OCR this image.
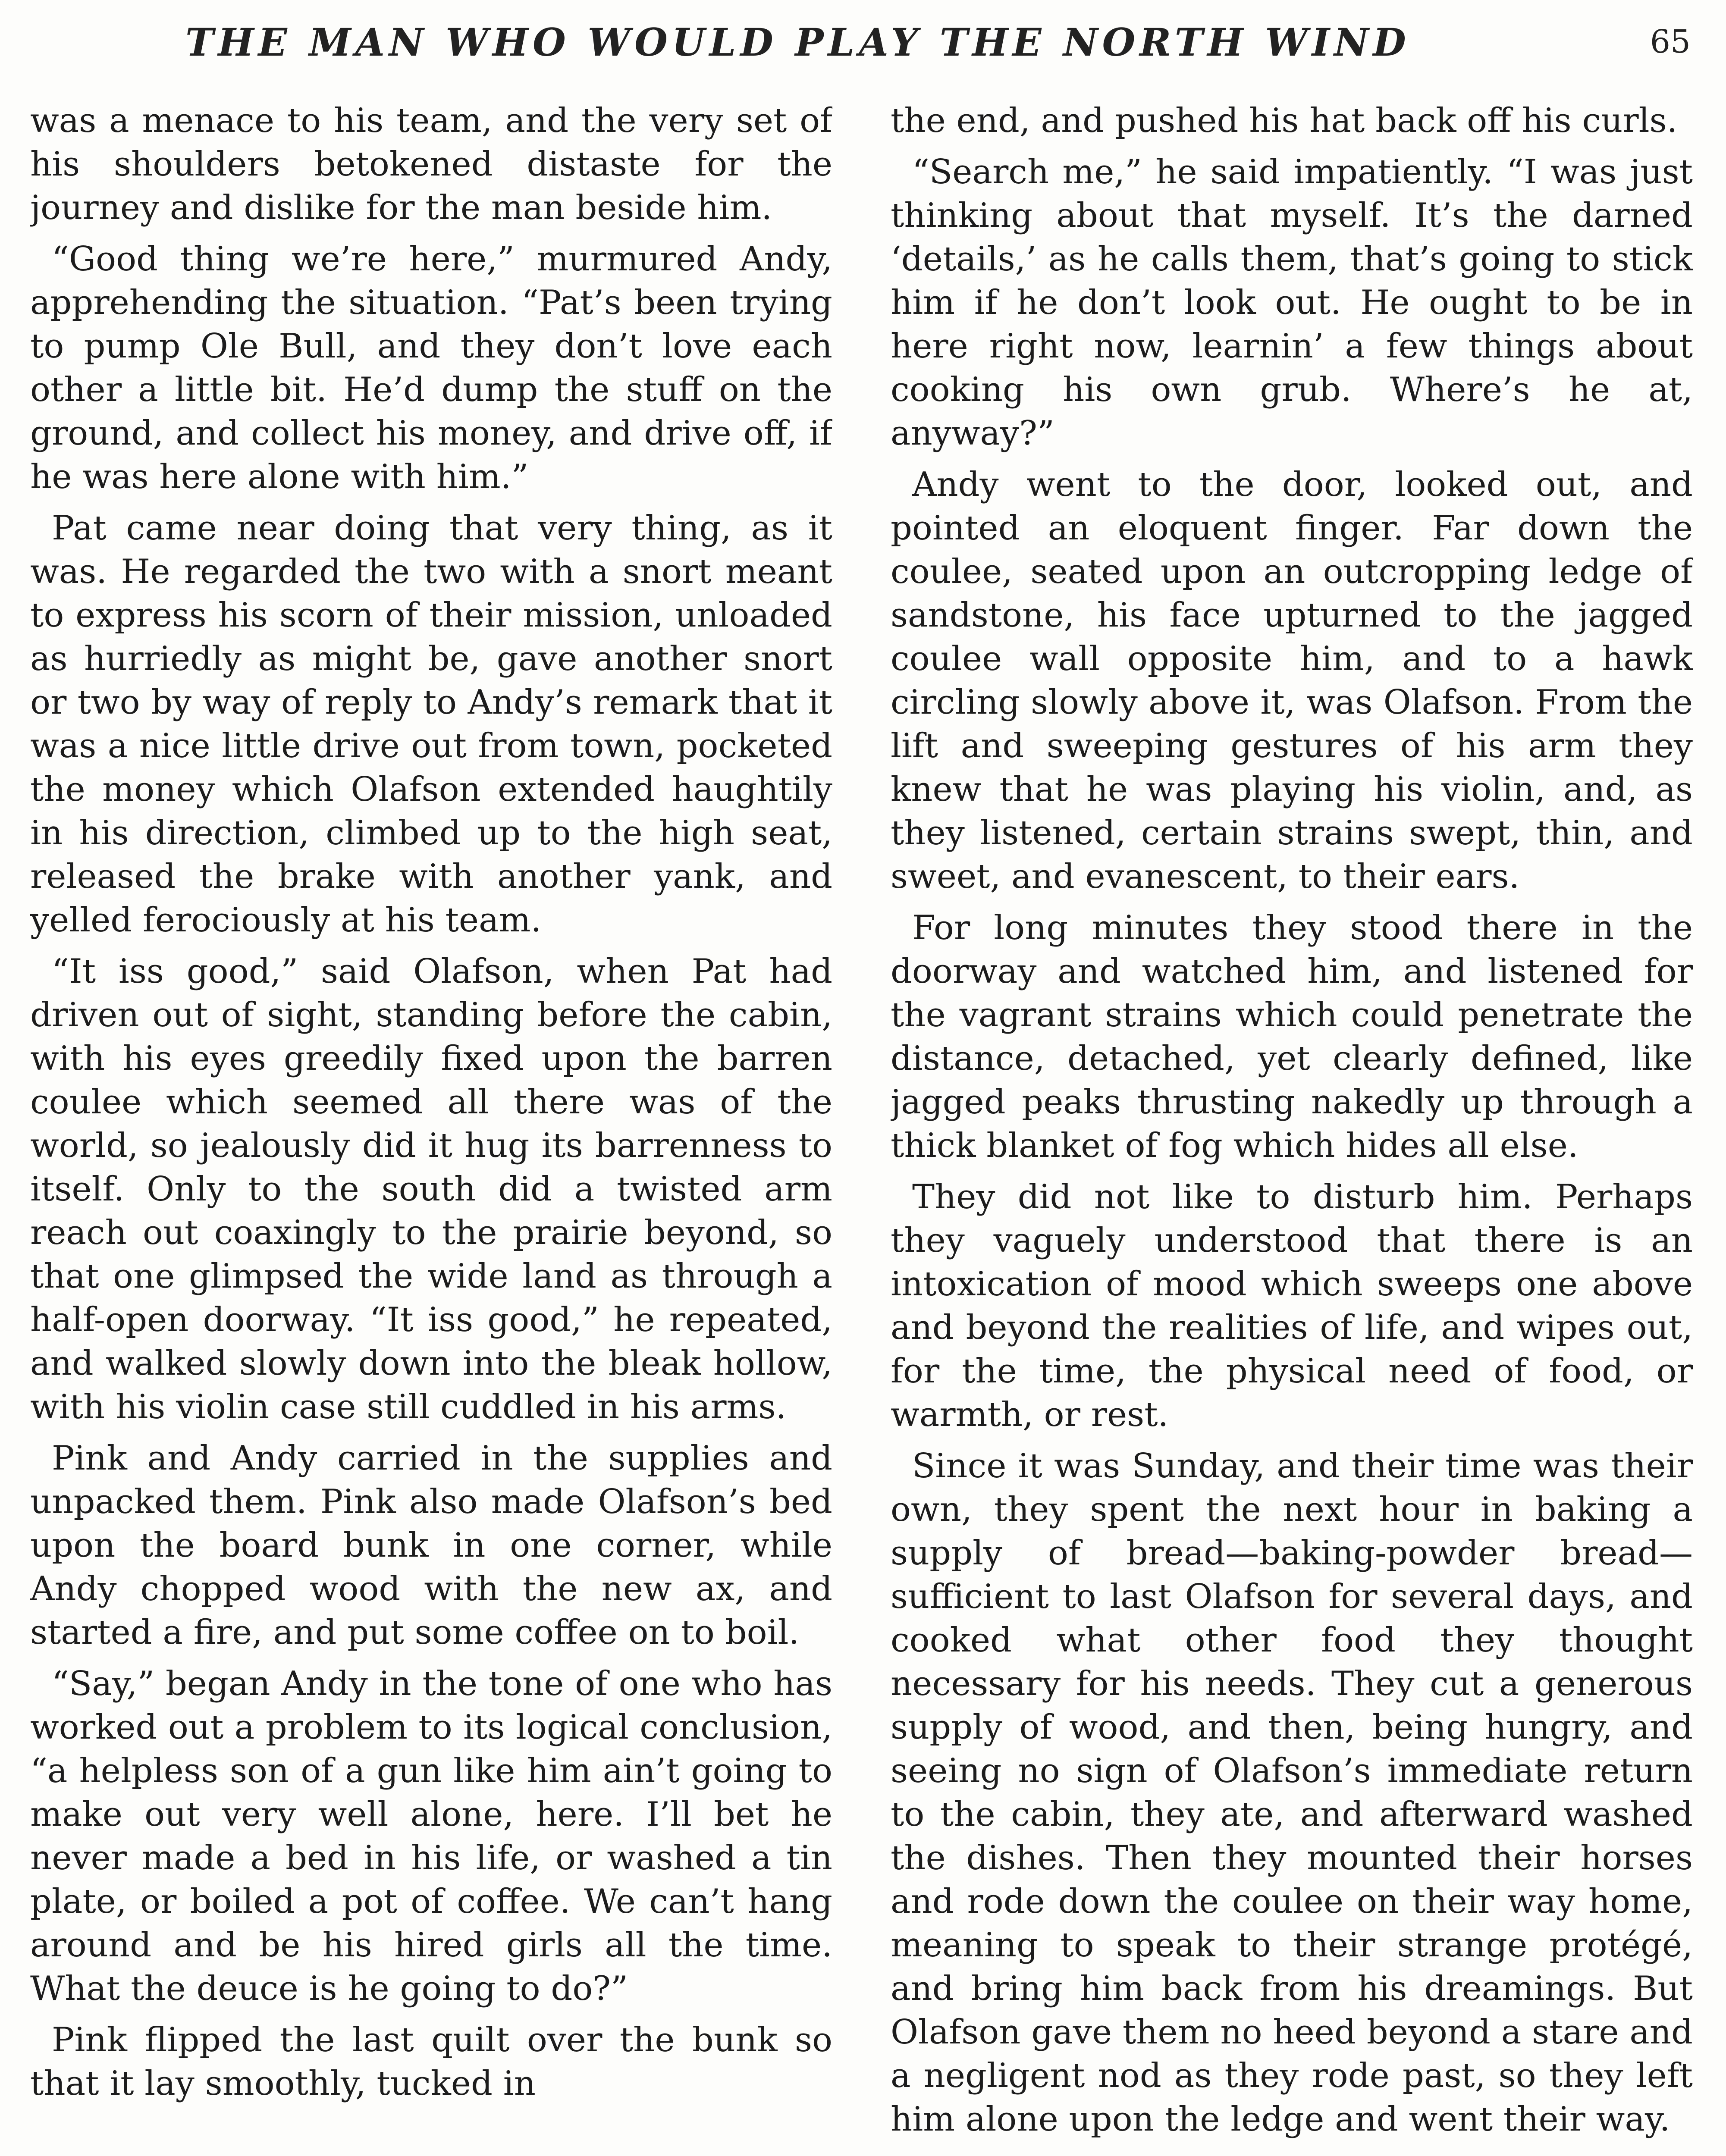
THE MAN WHO WOULD PLAY THE NORTH WIND	65

was a menace to his team, and the very set of his shoulders betokened distaste for the journey and dislike for the man beside him.

“Good thing we’re here,” murmured Andy, apprehending the situation. “Pat’s been trying to pump Ole Bull, and they don’t love each other a little bit. He’d dump the stuff on the ground, and collect his money, and drive off, if he was here alone with him.”

Pat came near doing that very thing, as it was. He regarded the two with a snort meant to express his scorn of their mission, unloaded as hurriedly as might be, gave another snort or two by way of reply to Andy’s remark that it was a nice little drive out from town, pocketed the money which Olafson extended haughtily in his direction, climbed up to the high seat, released the brake with another yank, and yelled ferociously at his team.

“It iss good,” said Olafson, when Pat had driven out of sight, standing before the cabin, with his eyes greedily fixed upon the barren coulee which seemed all there was of the world, so jealously did it hug its barrenness to itself. Only to the south did a twisted arm reach out coaxingly to the prairie beyond, so that one glimpsed the wide land as through a half-open doorway. “It iss good,” he repeated, and walked slowly down into the bleak hollow, with his violin case still cuddled in his arms.

Pink and Andy carried in the supplies and unpacked them. Pink also made Olafson’s bed upon the board bunk in one corner, while Andy chopped wood with the new ax, and started a fire, and put some coffee on to boil.

“Say,” began Andy in the tone of one who has worked out a problem to its logical conclusion, “a helpless son of a gun like him ain’t going to make out very well alone, here. I’ll bet he never made a bed in his life, or washed a tin plate, or boiled a pot of coffee. We can’t hang around and be his hired girls all the time. What the deuce is he going to do?”

Pink flipped the last quilt over the bunk so that it lay smoothly, tucked in

the end, and pushed his hat back off his curls.

“Search me,” he said impatiently. “I was just thinking about that myself. It’s the darned ‘details,’ as he calls them, that’s going to stick him if he don’t look out. He ought to be in here right now, learnin’ a few things about cooking his own grub. Where’s he at, anyway?”

Andy went to the door, looked out, and pointed an eloquent finger. Far down the coulee, seated upon an outcropping ledge of sandstone, his face upturned to the jagged coulee wall opposite him, and to a hawk circling slowly above it, was Olafson. From the lift and sweeping gestures of his arm they knew that he was playing his violin, and, as they listened, certain strains swept, thin, and sweet, and evanescent, to their ears.

For long minutes they stood there in the doorway and watched him, and listened for the vagrant strains which could penetrate the distance, detached, yet clearly defined, like jagged peaks thrusting nakedly up through a thick blanket of fog which hides all else.

They did not like to disturb him. Perhaps they vaguely understood that there is an intoxication of mood which sweeps one above and beyond the realities of life, and wipes out, for the time, the physical need of food, or warmth, or rest.

Since it was Sunday, and their time was their own, they spent the next hour in baking a supply of bread—baking-powder bread—sufficient to last Olafson for several days, and cooked what other food they thought necessary for his needs. They cut a generous supply of wood, and then, being hungry, and seeing no sign of Olafson’s immediate return to the cabin, they ate, and afterward washed the dishes. Then they mounted their horses and rode down the coulee on their way home, meaning to speak to their strange protégé, and bring him back from his dreamings. But Olafson gave them no heed beyond a stare and a negligent nod as they rode past, so they left him alone upon the ledge and went their way.
